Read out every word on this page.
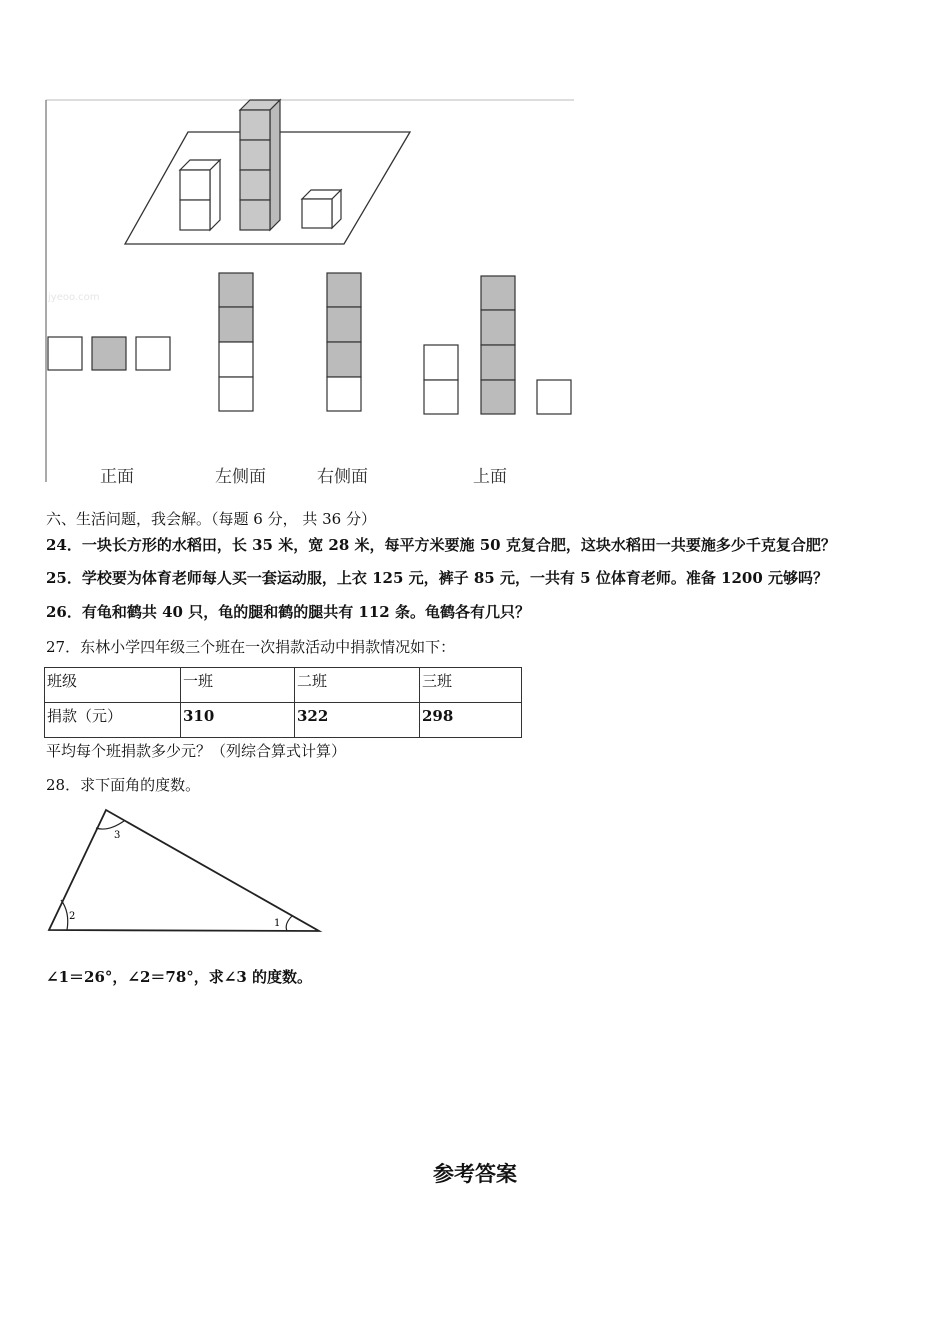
jyeoo.com
正面	左侧面	右侧面	上面
六、生活问题，我会解。（每题 6 分， 共 36 分）
24．一块长方形的水稻田，长 35 米，宽 28 米，每平方米要施 50 克复合肥，这块水稻田一共要施多少千克复合肥？
25．学校要为体育老师每人买一套运动服，上衣 125 元，裤子 85 元，一共有 5 位体育老师。准备 1200 元够吗？
26．有龟和鹤共 40 只，龟的腿和鹤的腿共有 112 条。龟鹤各有几只？
27．东林小学四年级三个班在一次捐款活动中捐款情况如下：
班级	一班	二班	三班
捐款（元）	310	322	298
平均每个班捐款多少元？（列综合算式计算）
28．求下面角的度数。
3
2
1
∠1＝26°，∠2＝78°，求∠3 的度数。
参考答案
